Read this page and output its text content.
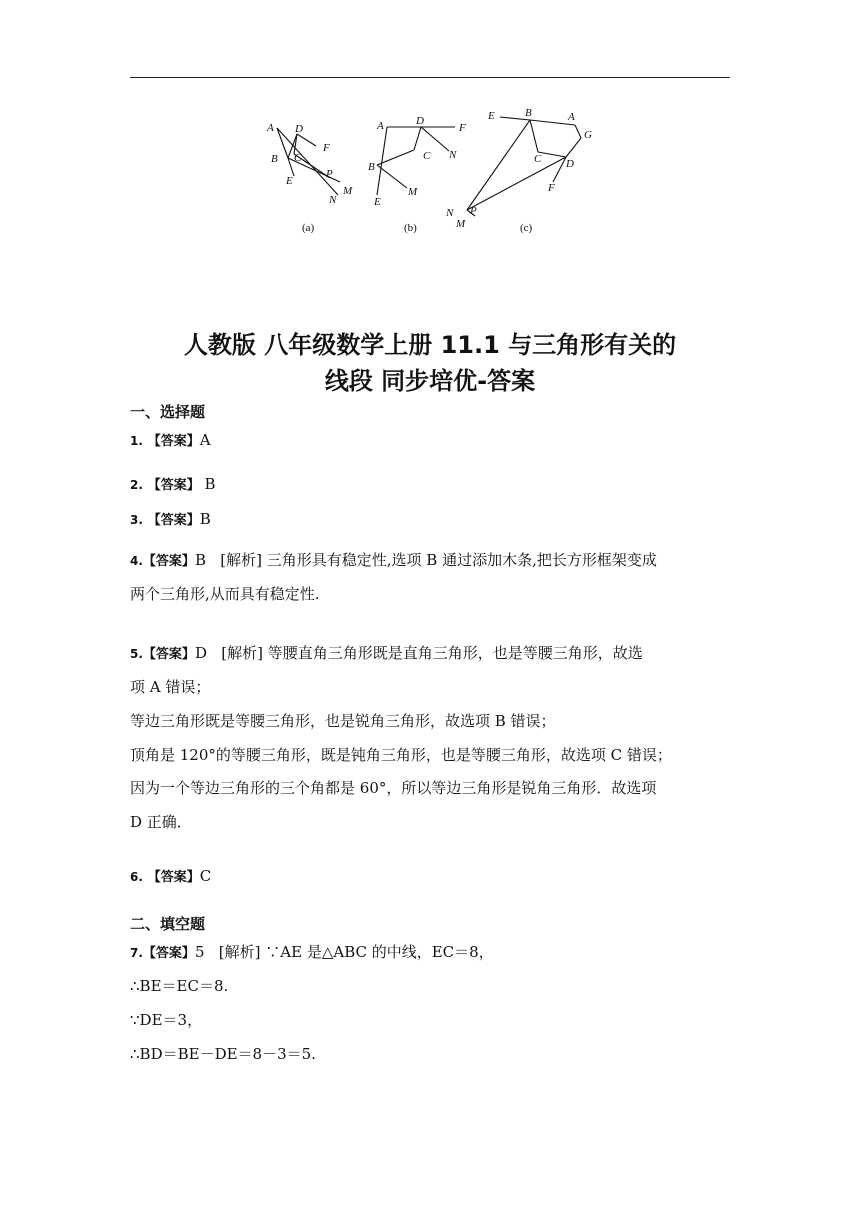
A D
F
B C
E
P
M
N
(a)
A	D
F
C N
B
M
E
(b)
E	B	A
G
C D
F
N P
M	(c)
人教版 八年级数学上册 11.1 与三角形有关的
线段 同步培优-答案
一、选择题
1. 【答案】A
2. 【答案】 B
3. 【答案】B
4.【答案】B [解析] 三角形具有稳定性,选项 B 通过添加木条,把长方形框架变成
两个三角形,从而具有稳定性.
5.【答案】D [解析] 等腰直角三角形既是直角三角形，也是等腰三角形，故选
项 A 错误；
等边三角形既是等腰三角形，也是锐角三角形，故选项 B 错误；
顶角是 120°的等腰三角形，既是钝角三角形，也是等腰三角形，故选项 C 错误；
因为一个等边三角形的三个角都是 60°，所以等边三角形是锐角三角形．故选项
D 正确．
6. 【答案】C
二、填空题
7.【答案】5 [解析] ∵AE 是△ABC 的中线，EC＝8，
∴BE＝EC＝8.
∵DE＝3，
∴BD＝BE－DE＝8－3＝5.
